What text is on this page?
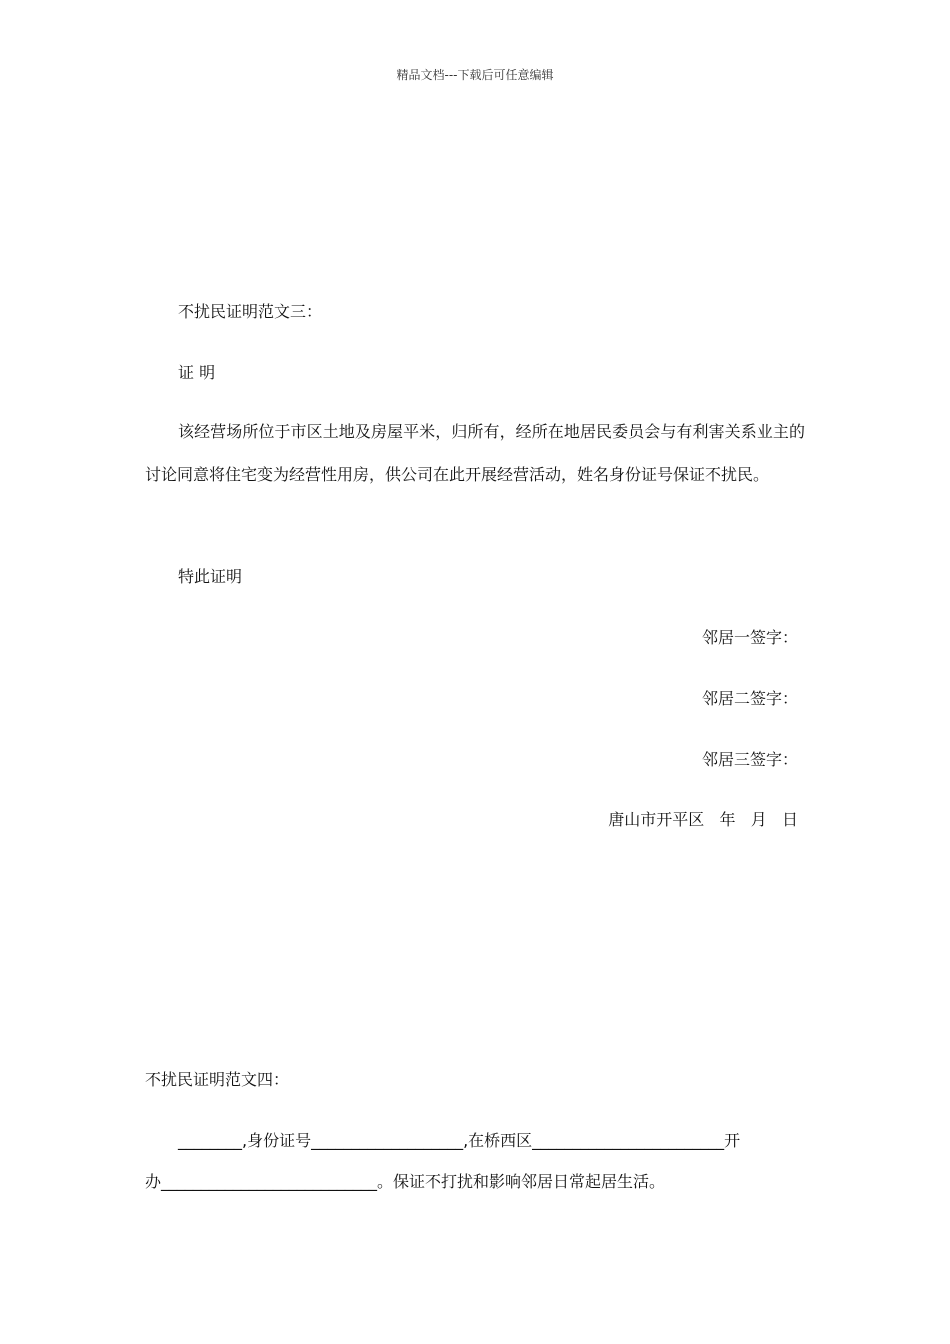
精品文档---下载后可任意编辑
不扰民证明范文三：
证 明
该经营场所位于市区土地及房屋平米，归所有，经所在地居民委员会与有利害关系业主的讨论同意将住宅变为经营性用房，供公司在此开展经营活动，姓名身份证号保证不扰民。
特此证明
邻居一签字：
邻居二签字：
邻居三签字：
唐山市开平区   年   月   日
不扰民证明范文四：
________,身份证号___________________,在桥西区________________________开
办___________________________。保证不打扰和影响邻居日常起居生活。
